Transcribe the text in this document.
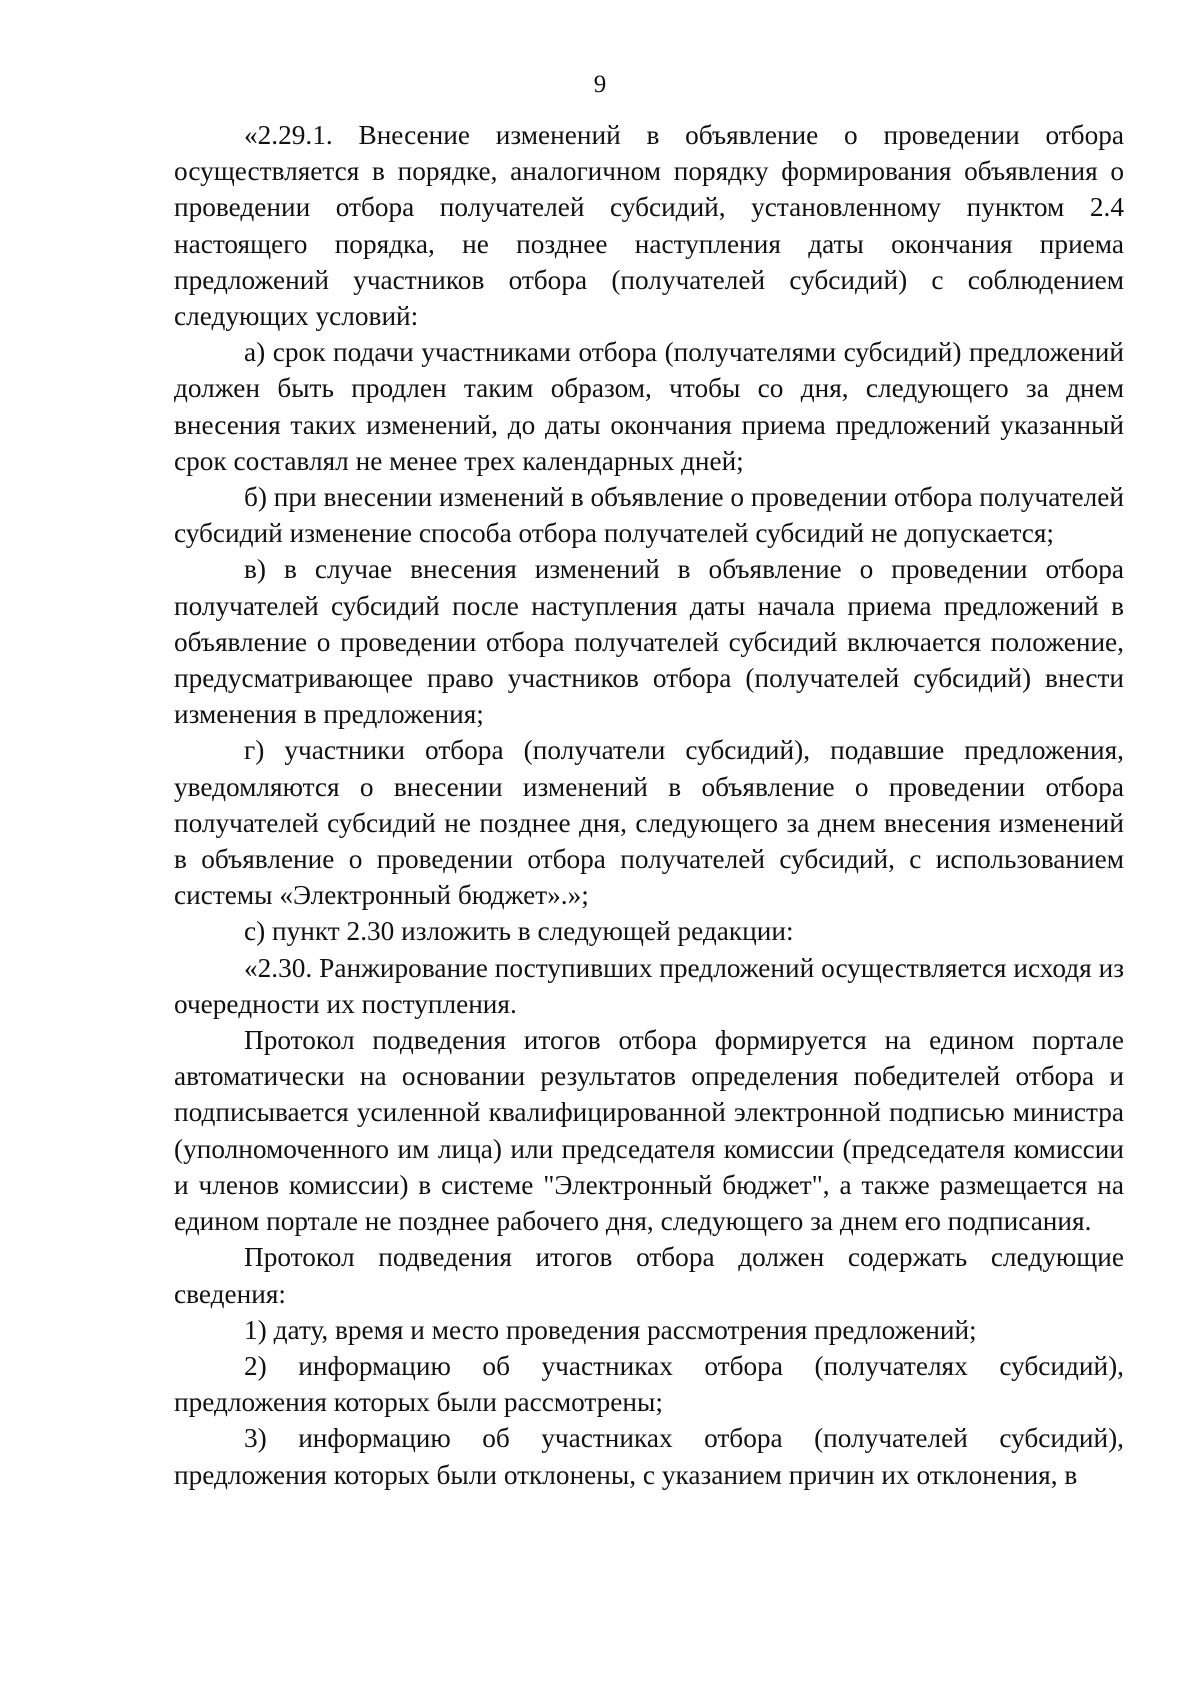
9

«2.29.1. Внесение изменений в объявление о проведении отбора осуществляется в порядке, аналогичном порядку формирования объявления о проведении отбора получателей субсидий, установленному пунктом 2.4 настоящего порядка, не позднее наступления даты окончания приема предложений участников отбора (получателей субсидий) с соблюдением следующих условий:

а) срок подачи участниками отбора (получателями субсидий) предложений должен быть продлен таким образом, чтобы со дня, следующего за днем внесения таких изменений, до даты окончания приема предложений указанный срок составлял не менее трех календарных дней;

б) при внесении изменений в объявление о проведении отбора получателей субсидий изменение способа отбора получателей субсидий не допускается;

в) в случае внесения изменений в объявление о проведении отбора получателей субсидий после наступления даты начала приема предложений в объявление о проведении отбора получателей субсидий включается положение, предусматривающее право участников отбора (получателей субсидий) внести изменения в предложения;

г) участники отбора (получатели субсидий), подавшие предложения, уведомляются о внесении изменений в объявление о проведении отбора получателей субсидий не позднее дня, следующего за днем внесения изменений в объявление о проведении отбора получателей субсидий, с использованием системы «Электронный бюджет».»;

с) пункт 2.30 изложить в следующей редакции:

«2.30. Ранжирование поступивших предложений осуществляется исходя из очередности их поступления.

Протокол подведения итогов отбора формируется на едином портале автоматически на основании результатов определения победителей отбора и подписывается усиленной квалифицированной электронной подписью министра (уполномоченного им лица) или председателя комиссии (председателя комиссии и членов комиссии) в системе "Электронный бюджет", а также размещается на едином портале не позднее рабочего дня, следующего за днем его подписания.

Протокол подведения итогов отбора должен содержать следующие сведения:

1) дату, время и место проведения рассмотрения предложений;

2) информацию об участниках отбора (получателях субсидий), предложения которых были рассмотрены;

3) информацию об участниках отбора (получателей субсидий), предложения которых были отклонены, с указанием причин их отклонения, в
